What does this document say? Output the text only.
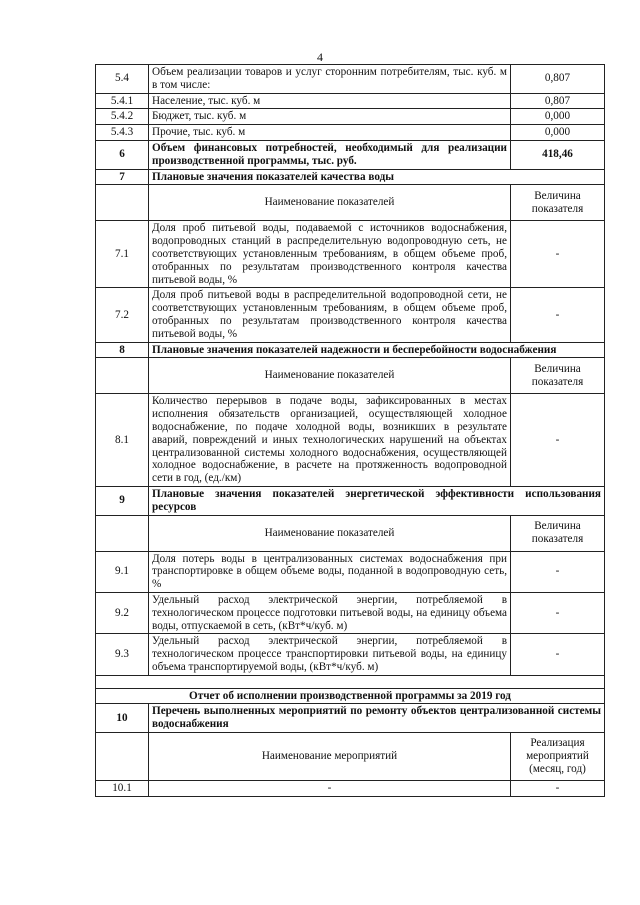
4
5.4	Объем реализации товаров и услуг сторонним потребителям, тыс. куб. м в том числе:	0,807
5.4.1	Население, тыс. куб. м	0,807
5.4.2	Бюджет, тыс. куб. м	0,000
5.4.3	Прочие, тыс. куб. м	0,000
6	Объем финансовых потребностей, необходимый для реализации производственной программы, тыс. руб.	418,46
7	Плановые значения показателей качества воды	
	Наименование показателей	Величина показателя
7.1	Доля проб питьевой воды, подаваемой с источников водоснабжения, водопроводных станций в распределительную водопроводную сеть, не соответствующих установленным требованиям, в общем объеме проб, отобранных по результатам производственного контроля качества питьевой воды, %	-
7.2	Доля проб питьевой воды в распределительной водопроводной сети, не соответствующих установленным требованиям, в общем объеме проб, отобранных по результатам производственного контроля качества питьевой воды, %	-
8	Плановые значения показателей надежности и бесперебойности водоснабжения	
	Наименование показателей	Величина показателя
8.1	Количество перерывов в подаче воды, зафиксированных в местах исполнения обязательств организацией, осуществляющей холодное водоснабжение, по подаче холодной воды, возникших в результате аварий, повреждений и иных технологических нарушений на объектах централизованной системы холодного водоснабжения, осуществляющей холодное водоснабжение, в расчете на протяженность водопроводной сети в год, (ед./км)	-
9	Плановые значения показателей энергетической эффективности использования ресурсов	
	Наименование показателей	Величина показателя
9.1	Доля потерь воды в централизованных системах водоснабжения при транспортировке в общем объеме воды, поданной в водопроводную сеть, %	-
9.2	Удельный расход электрической энергии, потребляемой в технологическом процессе подготовки питьевой воды, на единицу объема воды, отпускаемой в сеть, (кВт*ч/куб. м)	-
9.3	Удельный расход электрической энергии, потребляемой в технологическом процессе транспортировки питьевой воды, на единицу объема транспортируемой воды, (кВт*ч/куб. м)	-

Отчет об исполнении производственной программы за 2019 год		
10	Перечень выполненных мероприятий по ремонту объектов централизованной системы водоснабжения	
	Наименование мероприятий	Реализация мероприятий (месяц, год)
10.1	-	-
